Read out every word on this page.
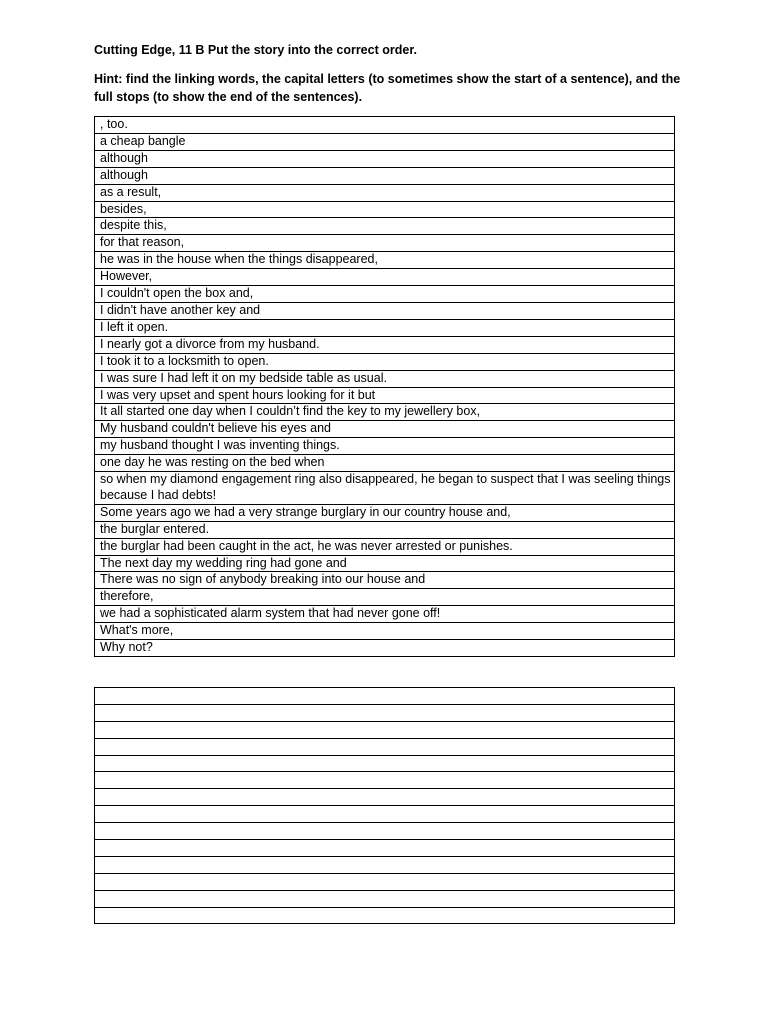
Cutting Edge, 11 B Put the story into the correct order.

Hint: find the linking words, the capital letters (to sometimes show the start of a sentence), and the full stops (to show the end of the sentences).

, too.
a cheap bangle
although
although
as a result,
besides,
despite this,
for that reason,
he was in the house when the things disappeared,
However,
I couldn't open the box and,
I didn't have another key and
I left it open.
I nearly got a divorce from my husband.
I took it to a locksmith to open.
I was sure I had left it on my bedside table as usual.
I was very upset and spent hours looking for it but
It all started one day when I couldn’t find the key to my jewellery box,
My husband couldn't believe his eyes and
my husband thought I was inventing things.
one day he was resting on the bed when
so when my diamond engagement ring also disappeared, he began to suspect that I was seeling things because I had debts!
Some years ago we had a very strange burglary in our country house and,
the burglar entered.
the burglar had been caught in the act, he was never arrested or punishes.
The next day my wedding ring had gone and
There was no sign of anybody breaking into our house and
therefore,
we had a sophisticated alarm system that had never gone off!
What's more,
Why not?
